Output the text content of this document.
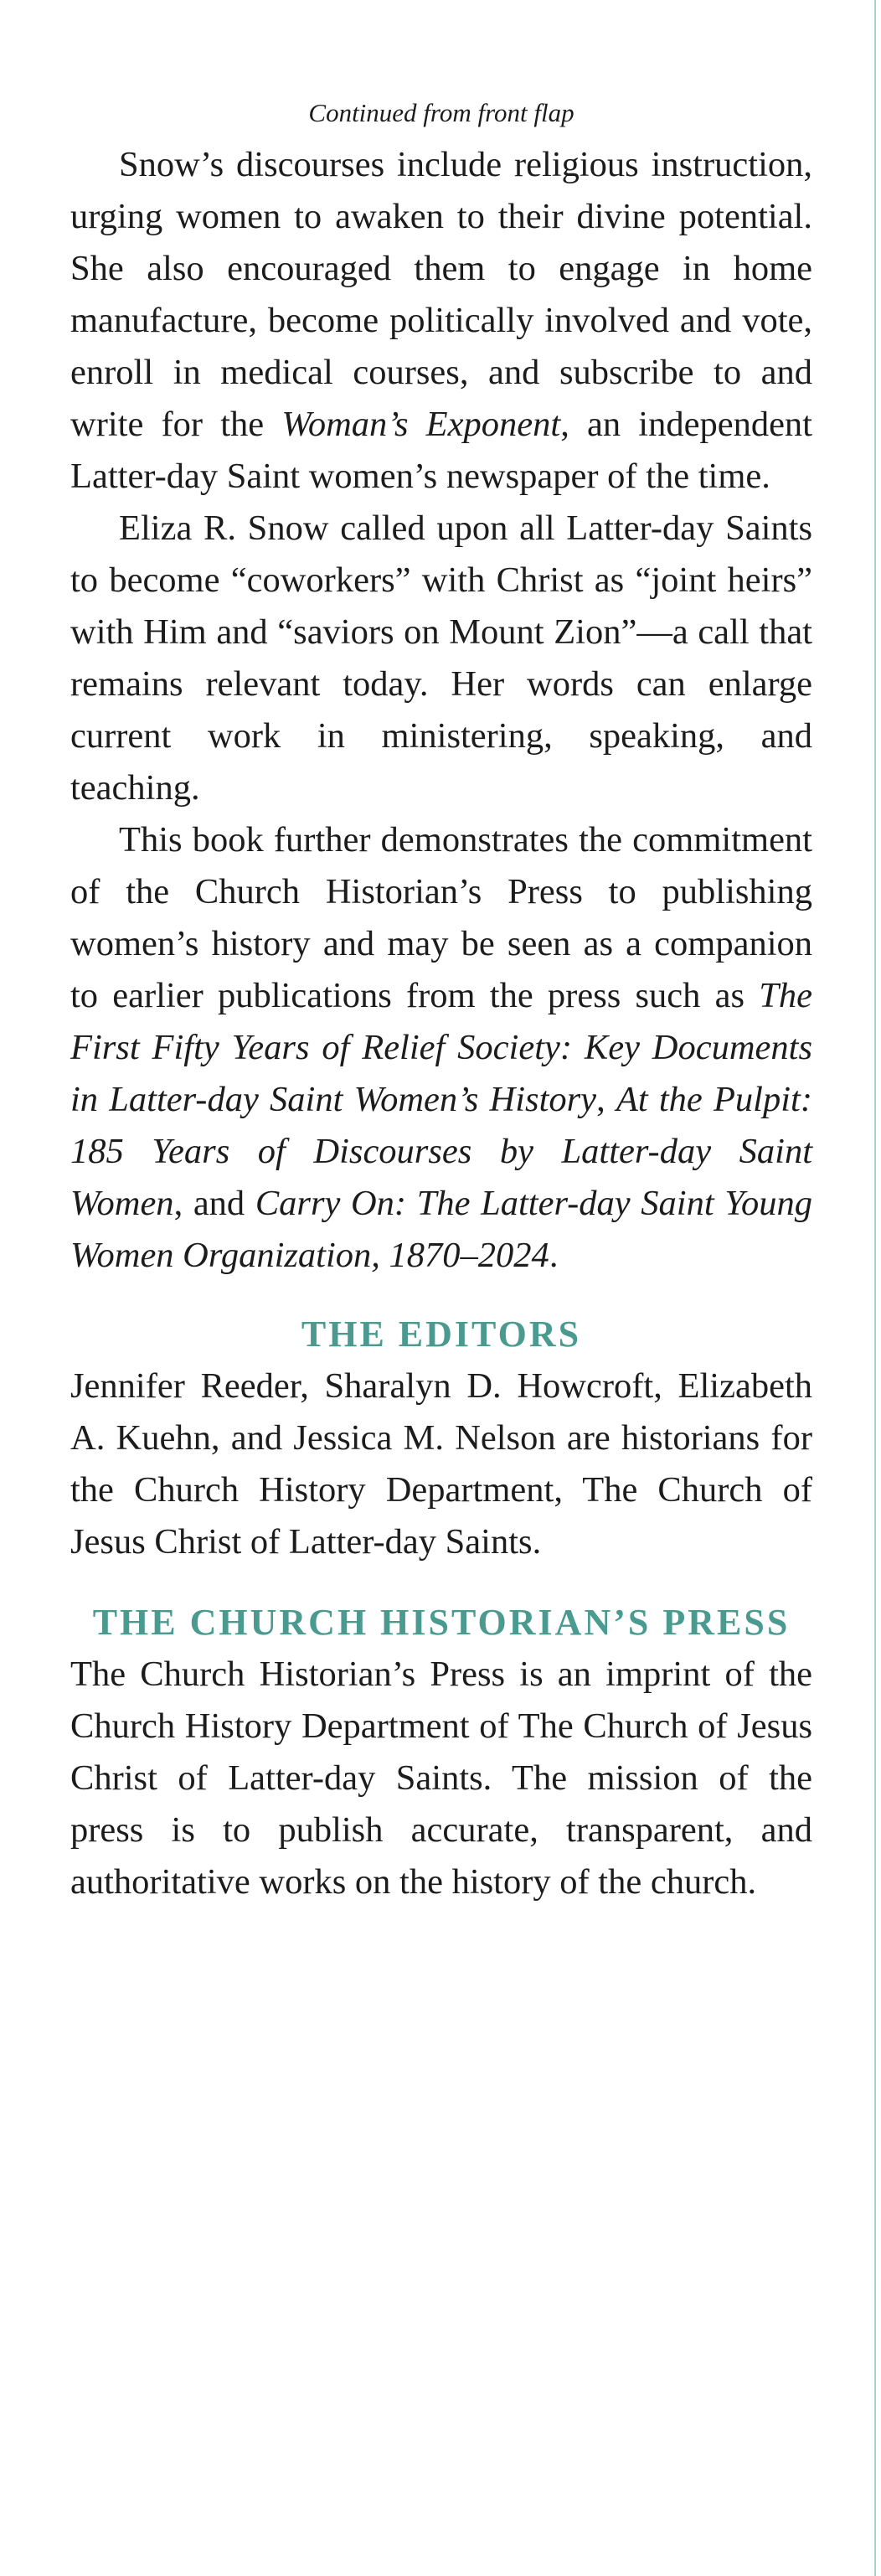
Continued from front flap

Snow’s discourses include religious instruction, urging women to awaken to their divine potential. She also encouraged them to engage in home manufacture, become politically involved and vote, enroll in medical courses, and subscribe to and write for the Woman’s Exponent, an independent Latter-day Saint women’s newspaper of the time.

Eliza R. Snow called upon all Latter-day Saints to become “coworkers” with Christ as “joint heirs” with Him and “saviors on Mount Zion”—a call that remains relevant today. Her words can enlarge current work in ministering, speaking, and teaching.

This book further demonstrates the commitment of the Church Historian’s Press to publishing women’s history and may be seen as a companion to earlier publications from the press such as The First Fifty Years of Relief Society: Key Documents in Latter-day Saint Women’s History, At the Pulpit: 185 Years of Discourses by Latter-day Saint Women, and Carry On: The Latter-day Saint Young Women Organization, 1870–2024.

THE EDITORS

Jennifer Reeder, Sharalyn D. Howcroft, Elizabeth A. Kuehn, and Jessica M. Nelson are historians for the Church History Department, The Church of Jesus Christ of Latter-day Saints.

THE CHURCH HISTORIAN’S PRESS

The Church Historian’s Press is an imprint of the Church History Department of The Church of Jesus Christ of Latter-day Saints. The mission of the press is to publish accurate, transparent, and authoritative works on the history of the church.
